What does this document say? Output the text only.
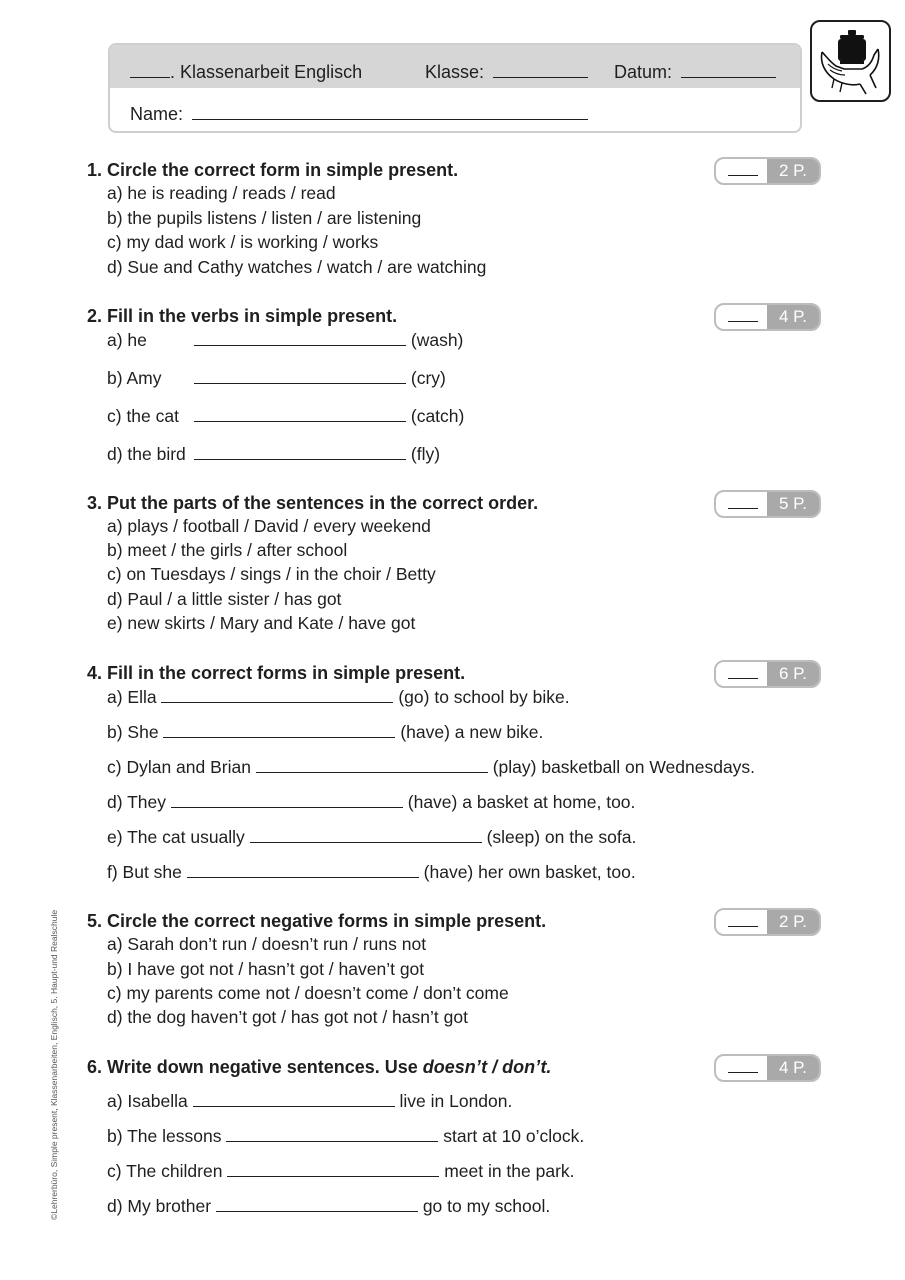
. Klassenarbeit Englisch	Klasse:	Datum:
Name:
1. Circle the correct form in simple present.
a) he is reading / reads / read
b) the pupils listens / listen / are listening
c) my dad work / is working / works
d) Sue and Cathy watches / watch / are watching
2 P.
2. Fill in the verbs in simple present.
a) he	(wash)
b) Amy	(cry)
c) the cat	(catch)
d) the bird	(fly)
4 P.
3. Put the parts of the sentences in the correct order.
a) plays / football / David / every weekend
b) meet / the girls / after school
c) on Tuesdays / sings / in the choir / Betty
d) Paul / a little sister / has got
e) new skirts / Mary and Kate / have got
5 P.
4. Fill in the correct forms in simple present.
a) Ella	(go) to school by bike.
b) She	(have) a new bike.
c) Dylan and Brian	(play) basketball on Wednesdays.
d) They	(have) a basket at home, too.
e) The cat usually	(sleep) on the sofa.
f) But she	(have) her own basket, too.
6 P.
5. Circle the correct negative forms in simple present.
a) Sarah don’t run / doesn’t run / runs not
b) I have got not / hasn’t got / haven’t got
c) my parents come not / doesn’t come / don’t come
d) the dog haven’t got / has got not / hasn’t got
2 P.
6. Write down negative sentences. Use doesn’t / don’t.
a) Isabella	live in London.
b) The lessons	start at 10 o’clock.
c) The children	meet in the park.
d) My brother	go to my school.
4 P.
©Lehrerbüro, Simple present, Klassenarbeiten, Englisch, 5. Haupt-und Realschule
